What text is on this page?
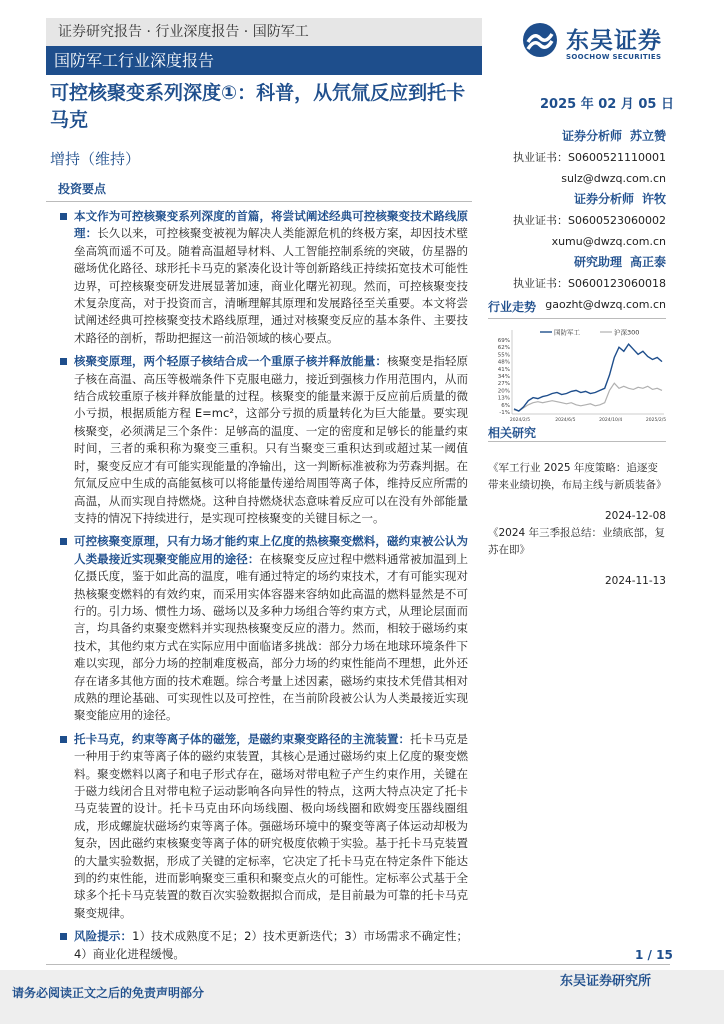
证券研究报告 · 行业深度报告 · 国防军工
国防军工行业深度报告
东吴证券
SOOCHOW SECURITIES
可控核聚变系列深度①：科普，从氘氚反应到托卡马克
2025 年 02 月 05 日
增持（维持）
证券分析师 苏立赞
执业证书：S0600521110001
sulz@dwzq.com.cn
证券分析师 许牧
执业证书：S0600523060002
xumu@dwzq.com.cn
研究助理 高正泰
执业证书：S0600123060018
gaozht@dwzq.com.cn
行业走势
69%
62%
55%
48%
41%
34%
27%
20%
13%
6%
-1%
2024/2/5	2024/6/5	2024/10/4	2025/2/5
国防军工	沪深300
相关研究
《军工行业 2025 年度策略：追逐变带来业绩切换，布局主线与新质装备》
2024-12-08
《2024 年三季报总结：业绩底部，复苏在即》
2024-11-13
投资要点
本文作为可控核聚变系列深度的首篇，将尝试阐述经典可控核聚变技术路线原理：长久以来，可控核聚变被视为解决人类能源危机的终极方案，却因技术壁垒高筑而遥不可及。随着高温超导材料、人工智能控制系统的突破，仿星器的磁场优化路径、球形托卡马克的紧凑化设计等创新路线正持续拓宽技术可能性边界，可控核聚变研发进展显著加速，商业化曙光初现。然而，可控核聚变技术复杂度高，对于投资而言，清晰理解其原理和发展路径至关重要。本文将尝试阐述经典可控核聚变技术路线原理，通过对核聚变反应的基本条件、主要技术路径的剖析，帮助把握这一前沿领域的核心要点。
核聚变原理，两个轻原子核结合成一个重原子核并释放能量：核聚变是指轻原子核在高温、高压等极端条件下克服电磁力，接近到强核力作用范围内，从而结合成较重原子核并释放能量的过程。核聚变的能量来源于反应前后质量的微小亏损，根据质能方程 E=mc²，这部分亏损的质量转化为巨大能量。要实现核聚变，必须满足三个条件：足够高的温度、一定的密度和足够长的能量约束时间，三者的乘积称为聚变三重积。只有当聚变三重积达到或超过某一阈值时，聚变反应才有可能实现能量的净输出，这一判断标准被称为劳森判据。在氘氚反应中生成的高能氦核可以将能量传递给周围等离子体，维持反应所需的高温，从而实现自持燃烧。这种自持燃烧状态意味着反应可以在没有外部能量支持的情况下持续进行，是实现可控核聚变的关键目标之一。
可控核聚变原理，只有力场才能约束上亿度的热核聚变燃料，磁约束被公认为人类最接近实现聚变能应用的途径：在核聚变反应过程中燃料通常被加温到上亿摄氏度，鉴于如此高的温度，唯有通过特定的场约束技术，才有可能实现对热核聚变燃料的有效约束，而采用实体容器来容纳如此高温的燃料显然是不可行的。引力场、惯性力场、磁场以及多种力场组合等约束方式，从理论层面而言，均具备约束聚变燃料并实现热核聚变反应的潜力。然而，相较于磁场约束技术，其他约束方式在实际应用中面临诸多挑战：部分力场在地球环境条件下难以实现，部分力场的控制难度极高，部分力场的约束性能尚不理想，此外还存在诸多其他方面的技术难题。综合考量上述因素，磁场约束技术凭借其相对成熟的理论基础、可实现性以及可控性，在当前阶段被公认为人类最接近实现聚变能应用的途径。
托卡马克，约束等离子体的磁笼，是磁约束聚变路径的主流装置：托卡马克是一种用于约束等离子体的磁约束装置，其核心是通过磁场约束上亿度的聚变燃料。聚变燃料以离子和电子形式存在，磁场对带电粒子产生约束作用，关键在于磁力线闭合且对带电粒子运动影响各向异性的特点，这两大特点决定了托卡马克装置的设计。托卡马克由环向场线圈、极向场线圈和欧姆变压器线圈组成，形成螺旋状磁场约束等离子体。强磁场环境中的聚变等离子体运动却极为复杂，因此磁约束核聚变等离子体的研究极度依赖于实验。基于托卡马克装置的大量实验数据，形成了关键的定标率，它决定了托卡马克在特定条件下能达到的约束性能，进而影响聚变三重积和聚变点火的可能性。定标率公式基于全球多个托卡马克装置的数百次实验数据拟合而成，是目前最为可靠的托卡马克聚变规律。
风险提示：1）技术成熟度不足；2）技术更新迭代；3）市场需求不确定性；4）商业化进程缓慢。	1 / 15
请务必阅读正文之后的免责声明部分
东吴证券研究所
